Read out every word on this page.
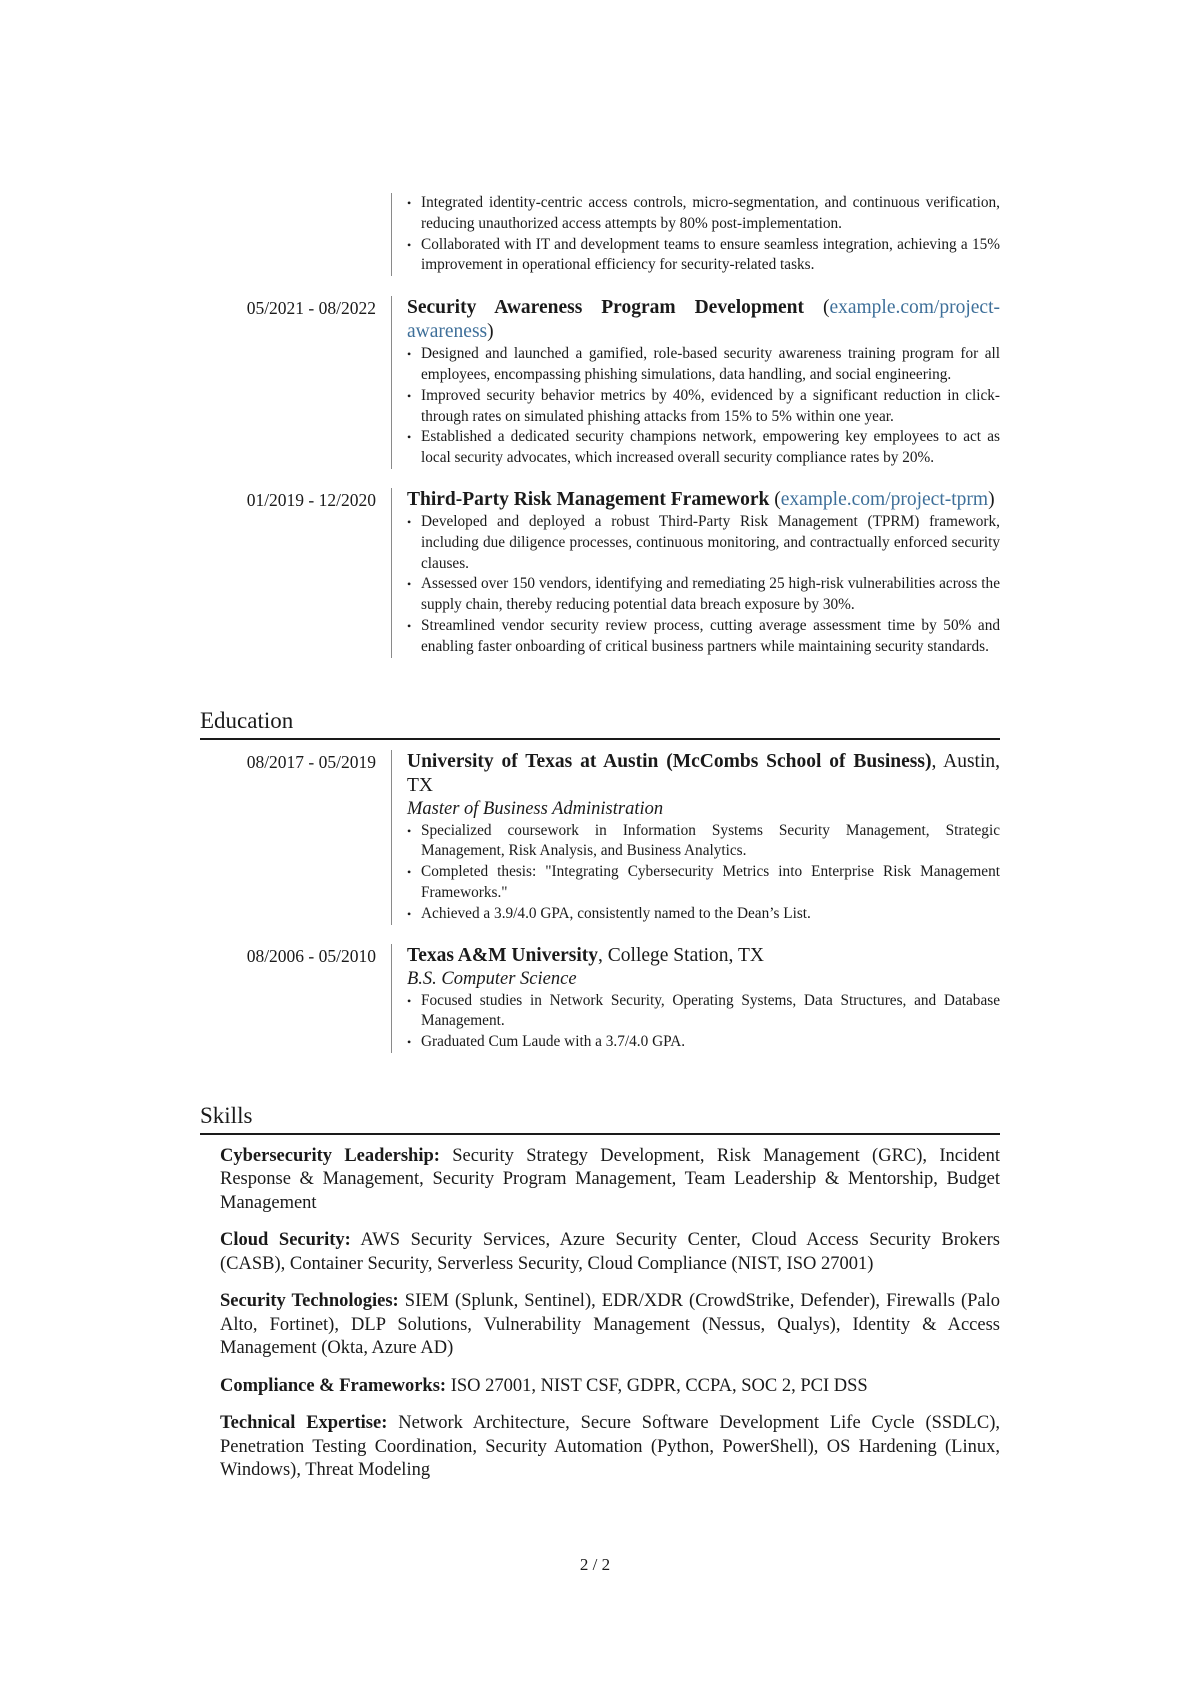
• Integrated identity-centric access controls, micro-segmentation, and continuous verification, reducing unauthorized access attempts by 80% post-implementation.
• Collaborated with IT and development teams to ensure seamless integration, achieving a 15% improvement in operational efficiency for security-related tasks.
05/2021 - 08/2022	Security Awareness Program Development (example.com/project-awareness)
• Designed and launched a gamified, role-based security awareness training program for all employees, encompassing phishing simulations, data handling, and social engineering.
• Improved security behavior metrics by 40%, evidenced by a significant reduction in click-through rates on simulated phishing attacks from 15% to 5% within one year.
• Established a dedicated security champions network, empowering key employees to act as local security advocates, which increased overall security compliance rates by 20%.
01/2019 - 12/2020	Third-Party Risk Management Framework (example.com/project-tprm)
• Developed and deployed a robust Third-Party Risk Management (TPRM) framework, including due diligence processes, continuous monitoring, and contractually enforced security clauses.
• Assessed over 150 vendors, identifying and remediating 25 high-risk vulnerabilities across the supply chain, thereby reducing potential data breach exposure by 30%.
• Streamlined vendor security review process, cutting average assessment time by 50% and enabling faster onboarding of critical business partners while maintaining security standards.
Education
08/2017 - 05/2019	University of Texas at Austin (McCombs School of Business), Austin, TX
Master of Business Administration
• Specialized coursework in Information Systems Security Management, Strategic Management, Risk Analysis, and Business Analytics.
• Completed thesis: "Integrating Cybersecurity Metrics into Enterprise Risk Management Frameworks."
• Achieved a 3.9/4.0 GPA, consistently named to the Dean’s List.
08/2006 - 05/2010	Texas A&M University, College Station, TX
B.S. Computer Science
• Focused studies in Network Security, Operating Systems, Data Structures, and Database Management.
• Graduated Cum Laude with a 3.7/4.0 GPA.
Skills
Cybersecurity Leadership: Security Strategy Development, Risk Management (GRC), Incident Response & Management, Security Program Management, Team Leadership & Mentorship, Budget Management
Cloud Security: AWS Security Services, Azure Security Center, Cloud Access Security Brokers (CASB), Container Security, Serverless Security, Cloud Compliance (NIST, ISO 27001)
Security Technologies: SIEM (Splunk, Sentinel), EDR/XDR (CrowdStrike, Defender), Firewalls (Palo Alto, Fortinet), DLP Solutions, Vulnerability Management (Nessus, Qualys), Identity & Access Management (Okta, Azure AD)
Compliance & Frameworks: ISO 27001, NIST CSF, GDPR, CCPA, SOC 2, PCI DSS
Technical Expertise: Network Architecture, Secure Software Development Life Cycle (SSDLC), Penetration Testing Coordination, Security Automation (Python, PowerShell), OS Hardening (Linux, Windows), Threat Modeling
2 / 2
